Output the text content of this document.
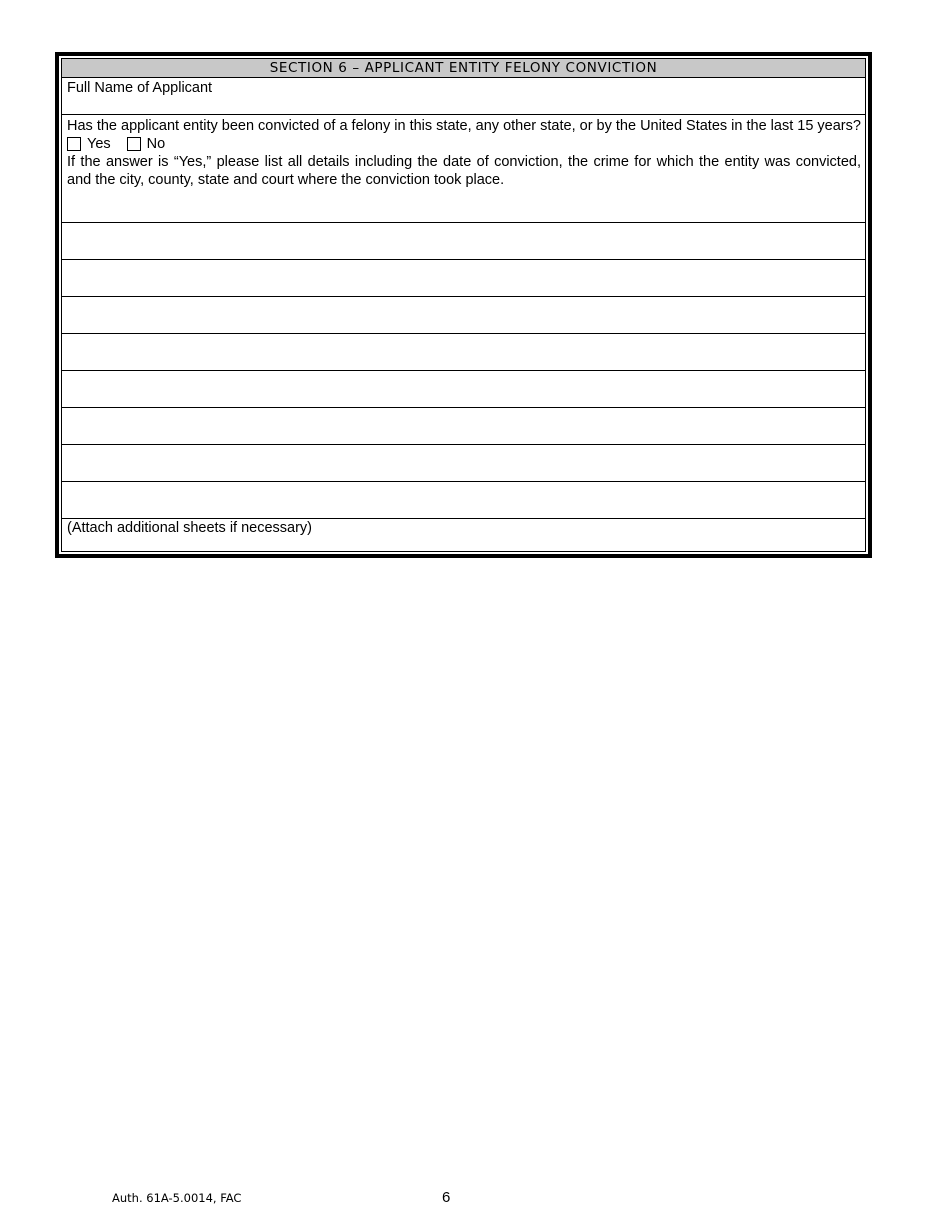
SECTION 6 – APPLICANT ENTITY FELONY CONVICTION
Full Name of Applicant

Has the applicant entity been convicted of a felony in this state, any other state, or by the United States in the last 15 years?

Yes No

If the answer is “Yes,” please list all details including the date of conviction, the crime for which the entity was convicted, and the city, county, state and court where the conviction took place.

(Attach additional sheets if necessary)
Auth. 61A-5.0014, FAC	6
